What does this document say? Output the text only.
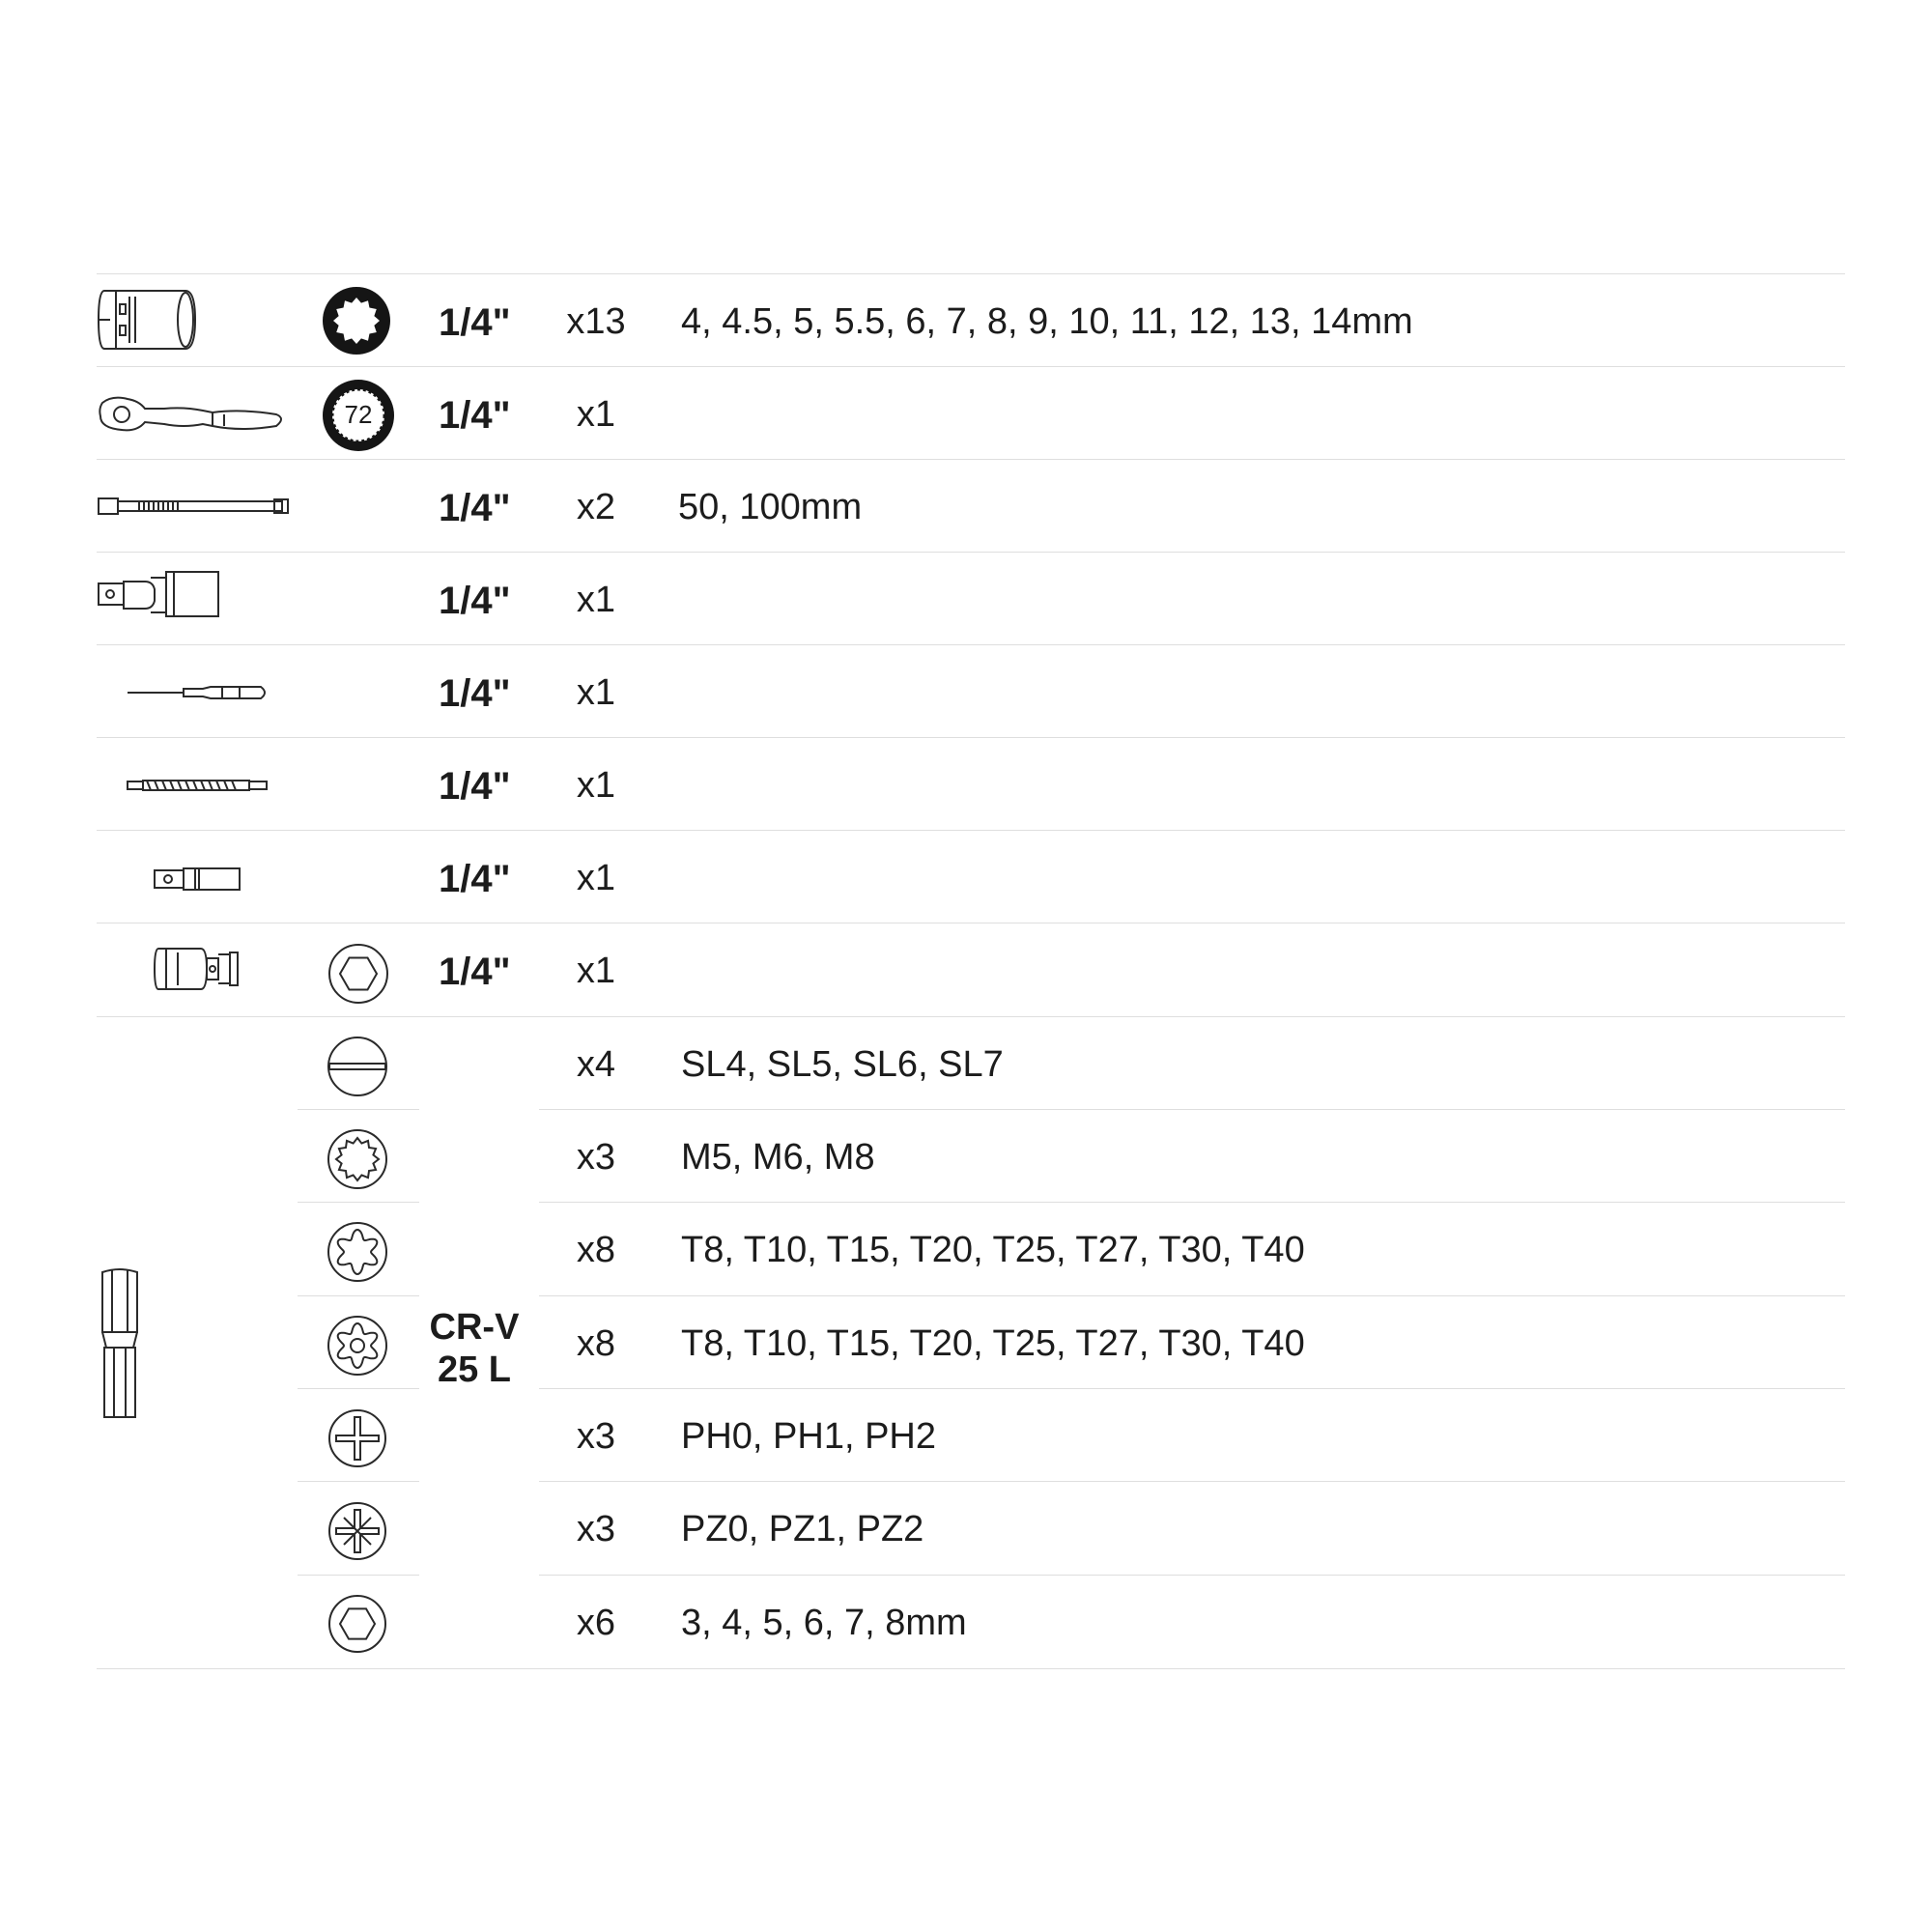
1/4"	x13	4, 4.5, 5, 5.5, 6, 7, 8, 9, 10, 11, 12, 13, 14mm
72 1/4"	x1
1/4"	x2	50, 100mm
1/4"	x1
1/4"	x1
1/4"	x1
1/4"	x1
1/4"	x1
CR-V
25 L
x4	SL4, SL5, SL6, SL7
x3	M5, M6, M8
x8	T8, T10, T15, T20, T25, T27, T30, T40
x8	T8, T10, T15, T20, T25, T27, T30, T40
x3	PH0, PH1, PH2
x3	PZ0, PZ1, PZ2
x6	3, 4, 5, 6, 7, 8mm
